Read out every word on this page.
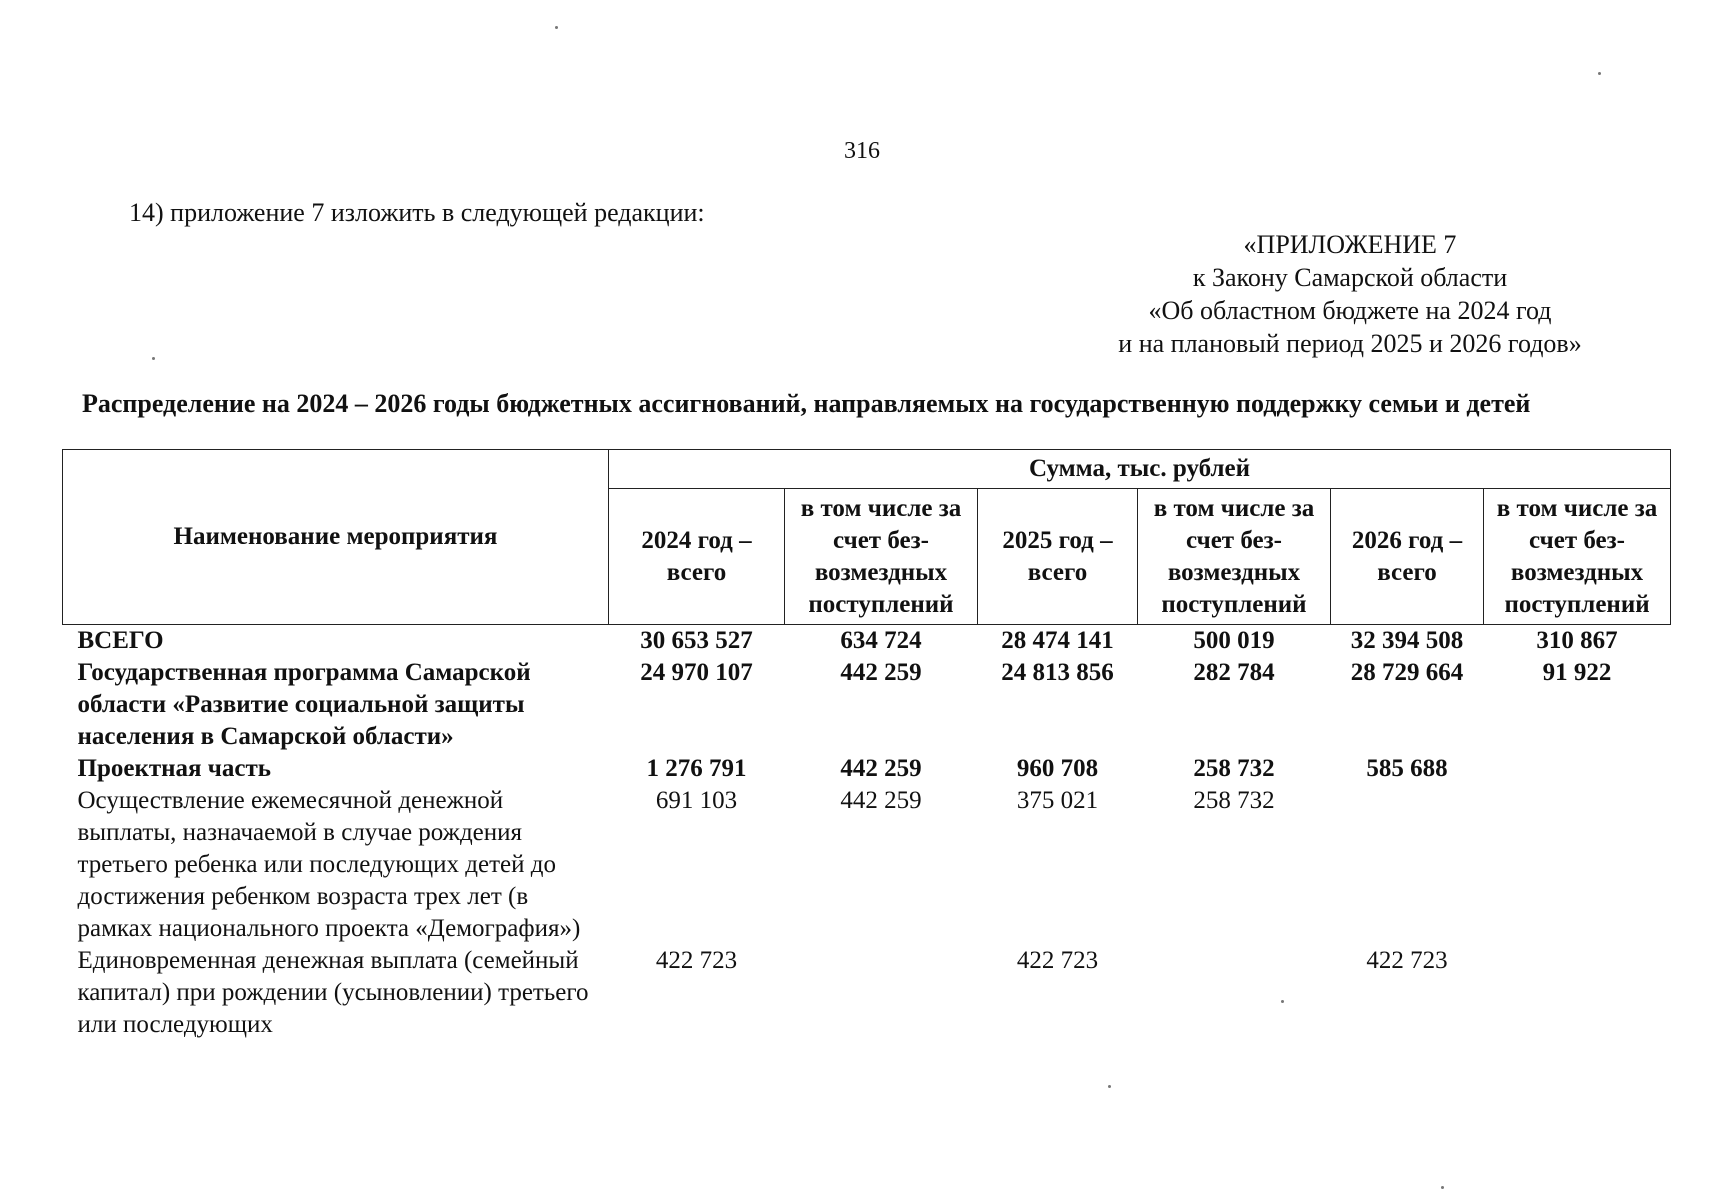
316
14) приложение 7 изложить в следующей редакции:
«ПРИЛОЖЕНИЕ 7
к Закону Самарской области
«Об областном бюджете на 2024 год
и на плановый период 2025 и 2026 годов»
Распределение на 2024 – 2026 годы бюджетных ассигнований, направляемых на государственную поддержку семьи и детей
Наименование мероприятия	Сумма, тыс. рублей					
	2024 год – всего	в том числе за счет без-возмездных поступлений	2025 год – всего	в том числе за счет без-возмездных поступлений	2026 год – всего	в том числе за счет без-возмездных поступлений
ВСЕГО	30 653 527	634 724	28 474 141	500 019	32 394 508	310 867
Государственная программа Самарской области «Развитие социальной защиты населения в Самарской области»	24 970 107	442 259	24 813 856	282 784	28 729 664	91 922
Проектная часть	1 276 791	442 259	960 708	258 732	585 688	
Осуществление ежемесячной денежной выплаты, назначаемой в случае рождения третьего ребенка или последующих детей до достижения ребенком возраста трех лет (в рамках национального проекта «Демография»)	691 103	442 259	375 021	258 732		
Единовременная денежная выплата (семейный капитал) при рождении (усыновлении) третьего или последующих	422 723		422 723		422 723	
